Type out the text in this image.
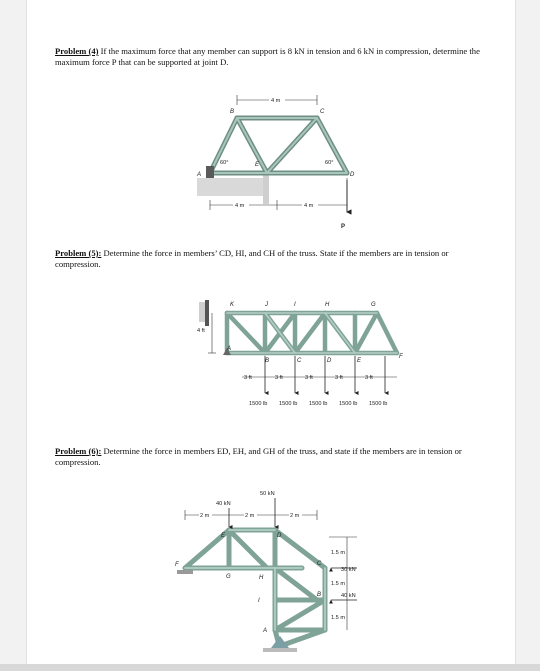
Problem (4) If the maximum force that any member can support is 8 kN in tension and 6 kN in compression, determine the maximum force P that can be supported at joint D.
A
B	C
D
E
60°	60°
4 m
4 m	4 m
P
Problem (5): Determine the force in members’ CD, HI, and CH of the truss. State if the members are in tension or compression.
K	J	I	H	G
A
B	C	D	E
F
4 ft
3 ft	3 ft	3 ft	3 ft	3 ft
1500 lb 1500 lb 1500 lb 1500 lb 1500 lb
Problem (6): Determine the force in members ED, EH, and GH of the truss, and state if the members are in tension or compression.
A
B
C
D
E
F
G	H
I
40 kN
50 kN
2 m	2 m	2 m
1.5 m
1.5 m
1.5 m
30 kN
40 kN
